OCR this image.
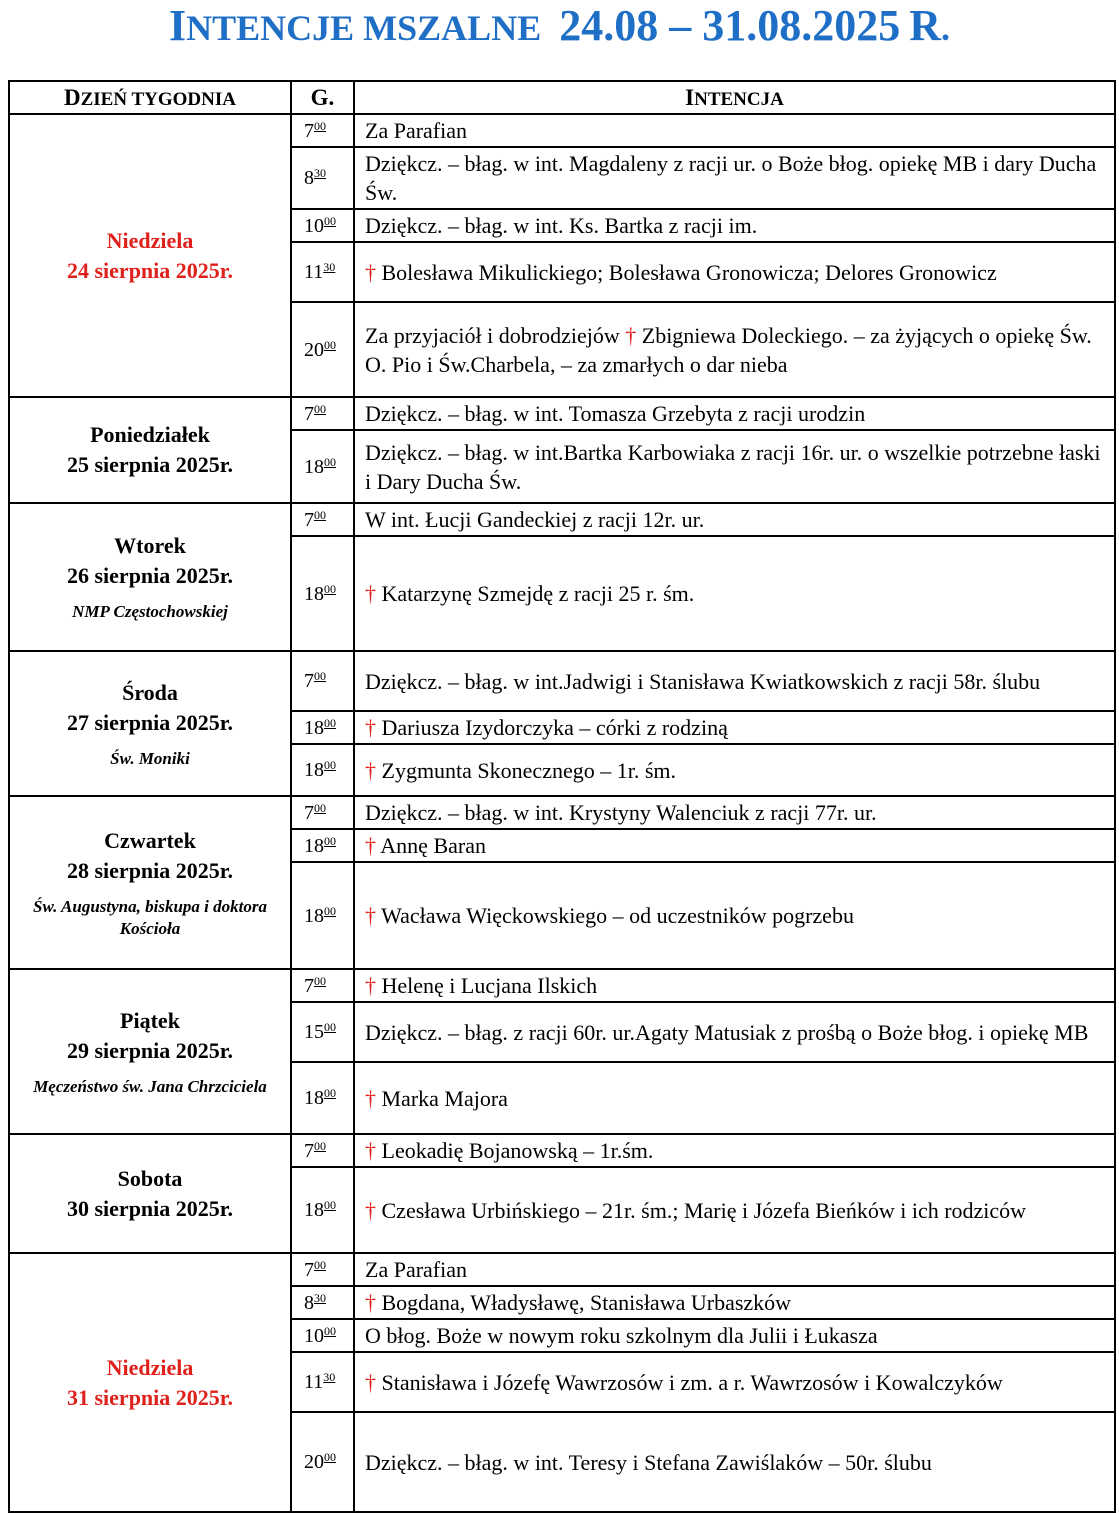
INTENCJE MSZALNE 24.08 – 31.08.2025 R.
DZIEŃ TYGODNIA	G.	INTENCJA

Niedziela
24 sierpnia 2025r.	$7^{00}$	Za Parafian
	$8^{30}$	Dziękcz. – błag. w int. Magdaleny z racji ur. o Boże błog. opiekę MB i dary Ducha Św.
	$10^{00}$	Dziękcz. – błag. w int. Ks. Bartka z racji im.
	$11^{30}$	† Bolesława Mikulickiego; Bolesława Gronowicza; Delores Gronowicz
	$20^{00}$	Za przyjaciół i dobrodziejów † Zbigniewa Doleckiego. – za żyjących o opiekę Św. O. Pio i Św.Charbela, – za zmarłych o dar nieba

Poniedziałek
25 sierpnia 2025r.	$7^{00}$	Dziękcz. – błag. w int. Tomasza Grzebyta z racji urodzin
	$18^{00}$	Dziękcz. – błag. w int.Bartka Karbowiaka z racji 16r. ur. o wszelkie potrzebne łaski i Dary Ducha Św.

Wtorek
26 sierpnia 2025r.
NMP Częstochowskiej	$7^{00}$	W int. Łucji Gandeckiej z racji 12r. ur.
	$18^{00}$	† Katarzynę Szmejdę z racji 25 r. śm.

Środa
27 sierpnia 2025r.
Św. Moniki	$7^{00}$	Dziękcz. – błag. w int.Jadwigi i Stanisława Kwiatkowskich z racji 58r. ślubu
	$18^{00}$	† Dariusza Izydorczyka – córki z rodziną
	$18^{00}$	† Zygmunta Skonecznego – 1r. śm.

Czwartek
28 sierpnia 2025r.
Św. Augustyna, biskupa i doktora Kościoła	$7^{00}$	Dziękcz. – błag. w int. Krystyny Walenciuk z racji 77r. ur.
	$18^{00}$	† Annę Baran
	$18^{00}$	† Wacława Więckowskiego – od uczestników pogrzebu

Piątek
29 sierpnia 2025r.
Męczeństwo św. Jana Chrzciciela	$7^{00}$	† Helenę i Lucjana Ilskich
	$15^{00}$	Dziękcz. – błag. z racji 60r. ur.Agaty Matusiak z prośbą o Boże błog. i opiekę MB
	$18^{00}$	† Marka Majora

Sobota
30 sierpnia 2025r.	$7^{00}$	† Leokadię Bojanowską – 1r.śm.
	$18^{00}$	† Czesława Urbińskiego – 21r. śm.; Marię i Józefa Bieńków i ich rodziców

Niedziela
31 sierpnia 2025r.	$7^{00}$	Za Parafian
	$8^{30}$	† Bogdana, Władysławę, Stanisława Urbaszków
	$10^{00}$	O błog. Boże w nowym roku szkolnym dla Julii i Łukasza
	$11^{30}$	† Stanisława i Józefę Wawrzosów i zm. a r. Wawrzosów i Kowalczyków
	$20^{00}$	Dziękcz. – błag. w int. Teresy i Stefana Zawiślaków – 50r. ślubu
